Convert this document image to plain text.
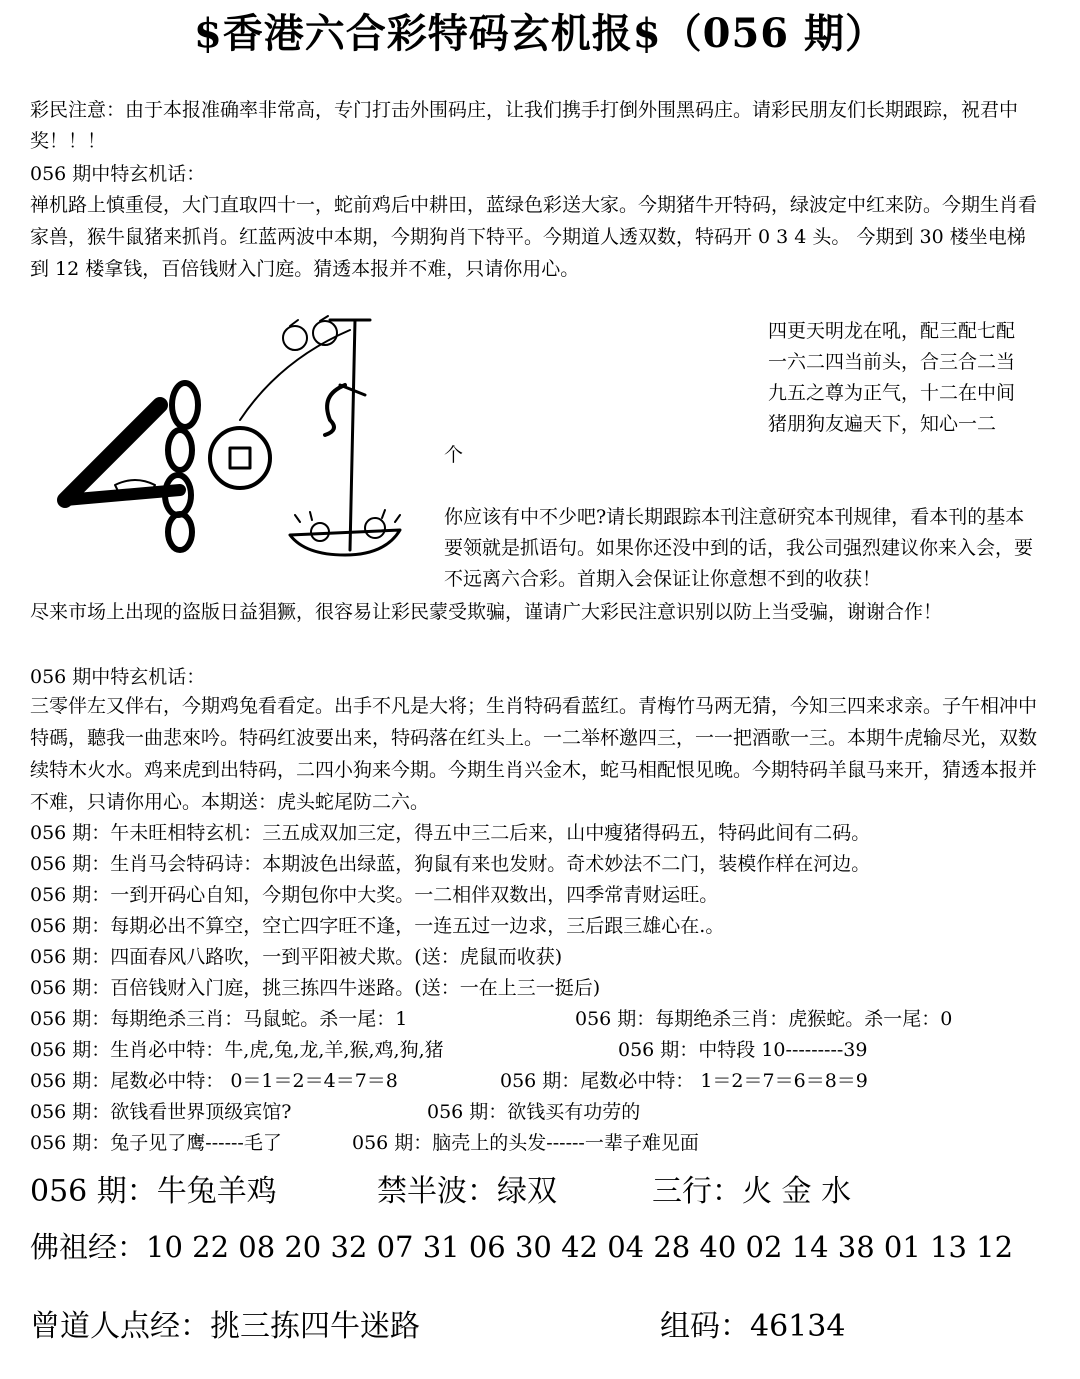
$香港六合彩特码玄机报$（056 期）
彩民注意：由于本报准确率非常高，专门打击外围码庄，让我们携手打倒外围黑码庄。请彩民朋友们长期跟踪，祝君中奖！！！
056 期中特玄机话：
禅机路上慎重侵，大门直取四十一，蛇前鸡后中耕田，蓝绿色彩送大家。今期猪牛开特码，绿波定中红来防。今期生肖看家兽，猴牛鼠猪来抓肖。红蓝两波中本期，今期狗肖下特平。今期道人透双数，特码开 0 3 4 头。 今期到 30 楼坐电梯到 12 楼拿钱，百倍钱财入门庭。猜透本报并不难，只请你用心。
四更天明龙在吼，配三配七配
一六二四当前头，合三合二当
九五之尊为正气，十二在中间
猪朋狗友遍天下，知心一二
个
你应该有中不少吧?请长期跟踪本刊注意研究本刊规律，看本刊的基本要领就是抓语句。如果你还没中到的话，我公司强烈建议你来入会，要不远离六合彩。首期入会保证让你意想不到的收获！
尽来市场上出现的盗版日益猖獗，很容易让彩民蒙受欺骗，谨请广大彩民注意识别以防上当受骗，谢谢合作！
056 期中特玄机话：
三零伴左又伴右，今期鸡兔看看定。出手不凡是大将；生肖特码看蓝红。青梅竹马两无猜，今知三四来求亲。子午相冲中特碼，聽我一曲悲來吟。特码红波要出来，特码落在红头上。一二举杯邀四三，一一把酒歌一三。本期牛虎输尽光，双数续特木火水。鸡来虎到出特码，二四小狗来今期。今期生肖兴金木，蛇马相配恨见晚。今期特码羊鼠马来开，猜透本报并不难，只请你用心。本期送：虎头蛇尾防二六。
056 期：午未旺相特玄机：三五成双加三定，得五中三二后来，山中瘦猪得码五，特码此间有二码。
056 期：生肖马会特码诗：本期波色出绿蓝，狗鼠有来也发财。奇术妙法不二门，装模作样在河边。
056 期：一到开码心自知，今期包你中大奖。一二相伴双数出，四季常青财运旺。
056 期：每期必出不算空，空亡四字旺不逢，一连五过一边求，三后跟三雄心在.。
056 期：四面春风八路吹，一到平阳被犬欺。(送：虎鼠而收获)
056 期：百倍钱财入门庭，挑三拣四牛迷路。(送：一在上三一挺后)
056 期：每期绝杀三肖：马鼠蛇。杀一尾：1	056 期：每期绝杀三肖：虎猴蛇。杀一尾：0
056 期：生肖必中特：牛,虎,兔,龙,羊,猴,鸡,狗,猪	056 期：中特段 10---------39
056 期：尾数必中特： 0＝1＝2＝4＝7＝8	056 期：尾数必中特： 1＝2＝7＝6＝8＝9
056 期：欲钱看世界顶级宾馆?	056 期：欲钱买有功劳的
056 期：兔子见了鹰------毛了	056 期：脑壳上的头发------一辈子难见面
056 期：牛兔羊鸡	禁半波：绿双	三行：火 金 水
佛祖经：10 22 08 20 32 07 31 06 30 42 04 28 40 02 14 38 01 13 12
曾道人点经：挑三拣四牛迷路	组码：46134
